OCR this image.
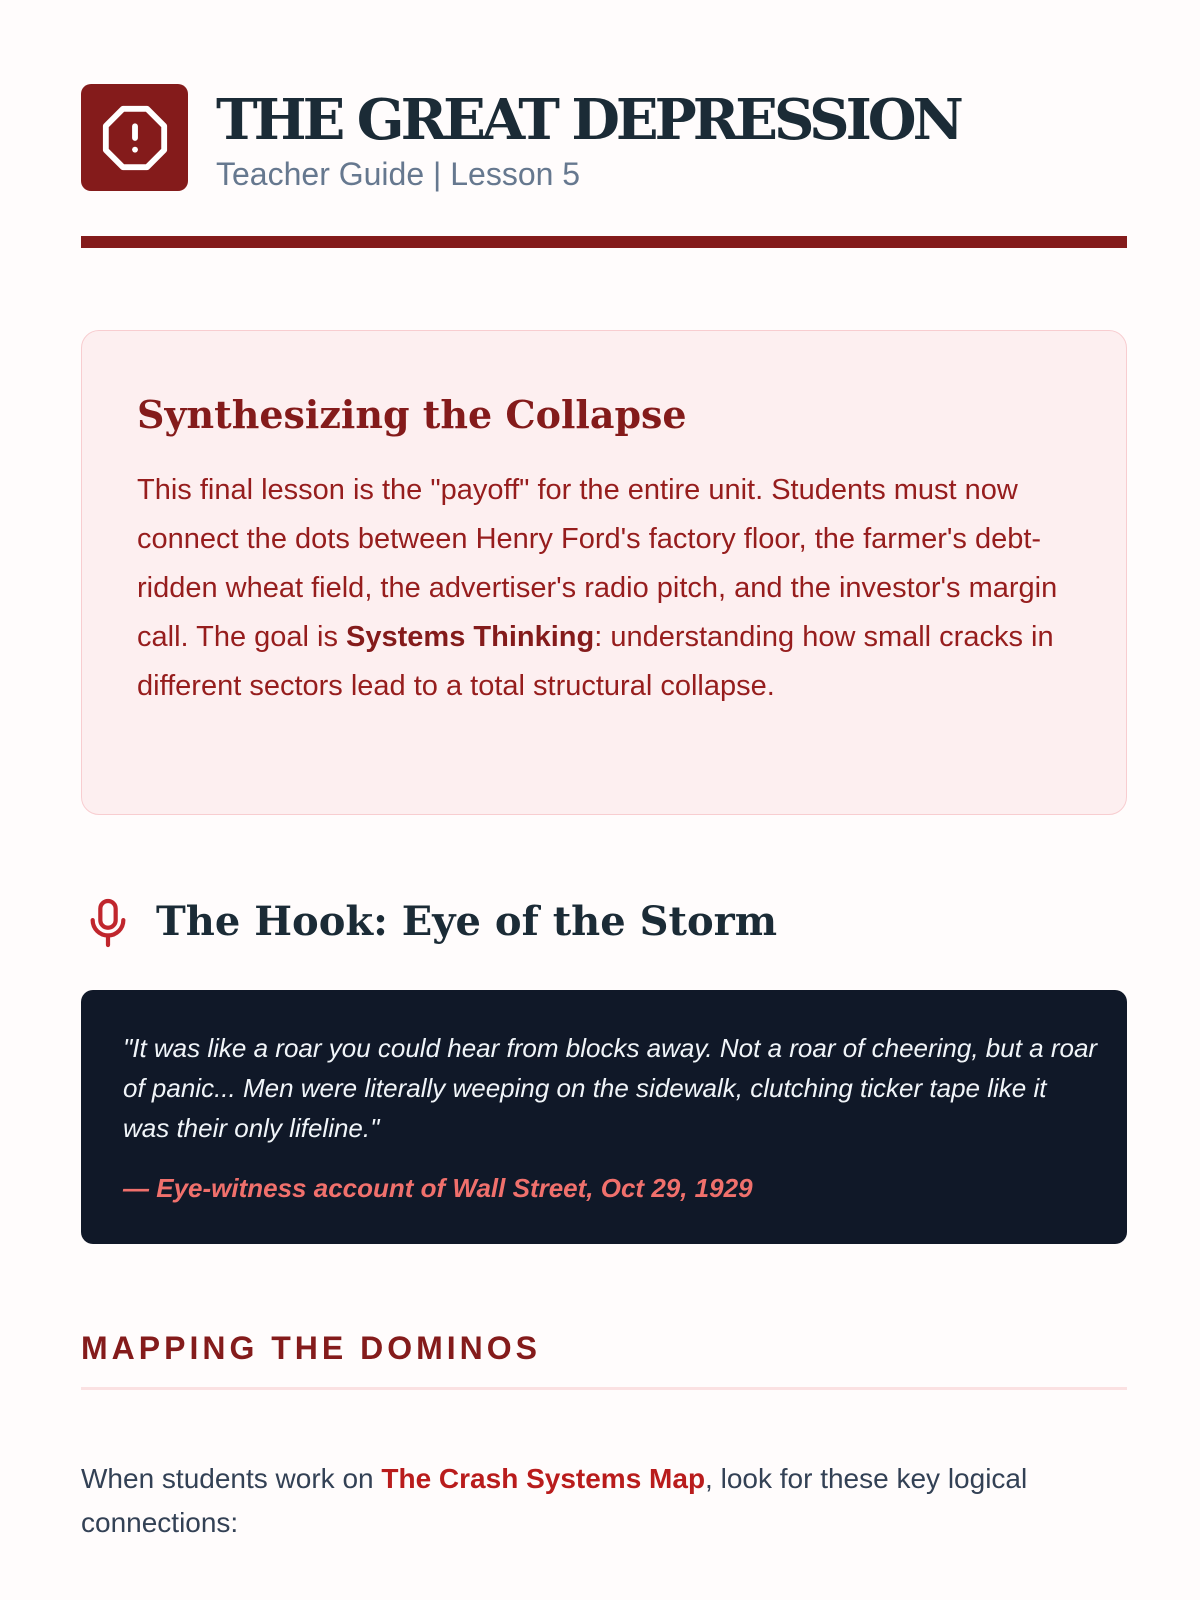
THE GREAT DEPRESSION
Teacher Guide | Lesson 5
Synthesizing the Collapse
This final lesson is the "payoff" for the entire unit. Students must now connect the dots between Henry Ford's factory floor, the farmer's debt-ridden wheat field, the advertiser's radio pitch, and the investor's margin call. The goal is Systems Thinking: understanding how small cracks in different sectors lead to a total structural collapse.
The Hook: Eye of the Storm
"It was like a roar you could hear from blocks away. Not a roar of cheering, but a roar of panic... Men were literally weeping on the sidewalk, clutching ticker tape like it was their only lifeline."
— Eye-witness account of Wall Street, Oct 29, 1929
MAPPING THE DOMINOS
When students work on The Crash Systems Map, look for these key logical connections:
